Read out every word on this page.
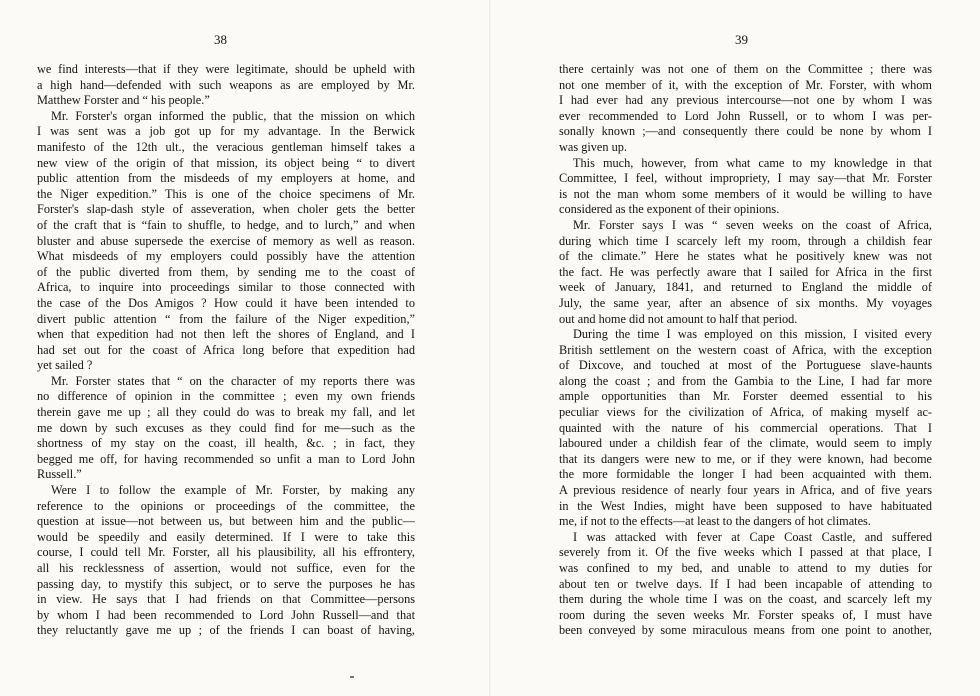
38
we find interests—that if they were legitimate, should be upheld with
a high hand—defended with such weapons as are employed by Mr.
Matthew Forster and “ his people.”
Mr. Forster's organ informed the public, that the mission on which
I was sent was a job got up for my advantage. In the Berwick
manifesto of the 12th ult., the veracious gentleman himself takes a
new view of the origin of that mission, its object being “ to divert
public attention from the misdeeds of my employers at home, and
the Niger expedition.” This is one of the choice specimens of Mr.
Forster's slap-dash style of asseveration, when choler gets the better
of the craft that is “fain to shuffle, to hedge, and to lurch,” and when
bluster and abuse supersede the exercise of memory as well as reason.
What misdeeds of my employers could possibly have the attention
of the public diverted from them, by sending me to the coast of
Africa, to inquire into proceedings similar to those connected with
the case of the Dos Amigos ? How could it have been intended to
divert public attention “ from the failure of the Niger expedition,”
when that expedition had not then left the shores of England, and I
had set out for the coast of Africa long before that expedition had
yet sailed ?
Mr. Forster states that “ on the character of my reports there was
no difference of opinion in the committee ; even my own friends
therein gave me up ; all they could do was to break my fall, and let
me down by such excuses as they could find for me—such as the
shortness of my stay on the coast, ill health, &c. ; in fact, they
begged me off, for having recommended so unfit a man to Lord John
Russell.”
Were I to follow the example of Mr. Forster, by making any
reference to the opinions or proceedings of the committee, the
question at issue—not between us, but between him and the public—
would be speedily and easily determined. If I were to take this
course, I could tell Mr. Forster, all his plausibility, all his effrontery,
all his recklessness of assertion, would not suffice, even for the
passing day, to mystify this subject, or to serve the purposes he has
in view. He says that I had friends on that Committee—persons
by whom I had been recommended to Lord John Russell—and that
they reluctantly gave me up ; of the friends I can boast of having,
39
there certainly was not one of them on the Committee ; there was
not one member of it, with the exception of Mr. Forster, with whom
I had ever had any previous intercourse—not one by whom I was
ever recommended to Lord John Russell, or to whom I was per-
sonally known ;—and consequently there could be none by whom I
was given up.
This much, however, from what came to my knowledge in that
Committee, I feel, without impropriety, I may say—that Mr. Forster
is not the man whom some members of it would be willing to have
considered as the exponent of their opinions.
Mr. Forster says I was “ seven weeks on the coast of Africa,
during which time I scarcely left my room, through a childish fear
of the climate.” Here he states what he positively knew was not
the fact. He was perfectly aware that I sailed for Africa in the first
week of January, 1841, and returned to England the middle of
July, the same year, after an absence of six months. My voyages
out and home did not amount to half that period.
During the time I was employed on this mission, I visited every
British settlement on the western coast of Africa, with the exception
of Dixcove, and touched at most of the Portuguese slave-haunts
along the coast ; and from the Gambia to the Line, I had far more
ample opportunities than Mr. Forster deemed essential to his
peculiar views for the civilization of Africa, of making myself ac-
quainted with the nature of his commercial operations. That I
laboured under a childish fear of the climate, would seem to imply
that its dangers were new to me, or if they were known, had become
the more formidable the longer I had been acquainted with them.
A previous residence of nearly four years in Africa, and of five years
in the West Indies, might have been supposed to have habituated
me, if not to the effects—at least to the dangers of hot climates.
I was attacked with fever at Cape Coast Castle, and suffered
severely from it. Of the five weeks which I passed at that place, I
was confined to my bed, and unable to attend to my duties for
about ten or twelve days. If I had been incapable of attending to
them during the whole time I was on the coast, and scarcely left my
room during the seven weeks Mr. Forster speaks of, I must have
been conveyed by some miraculous means from one point to another,
